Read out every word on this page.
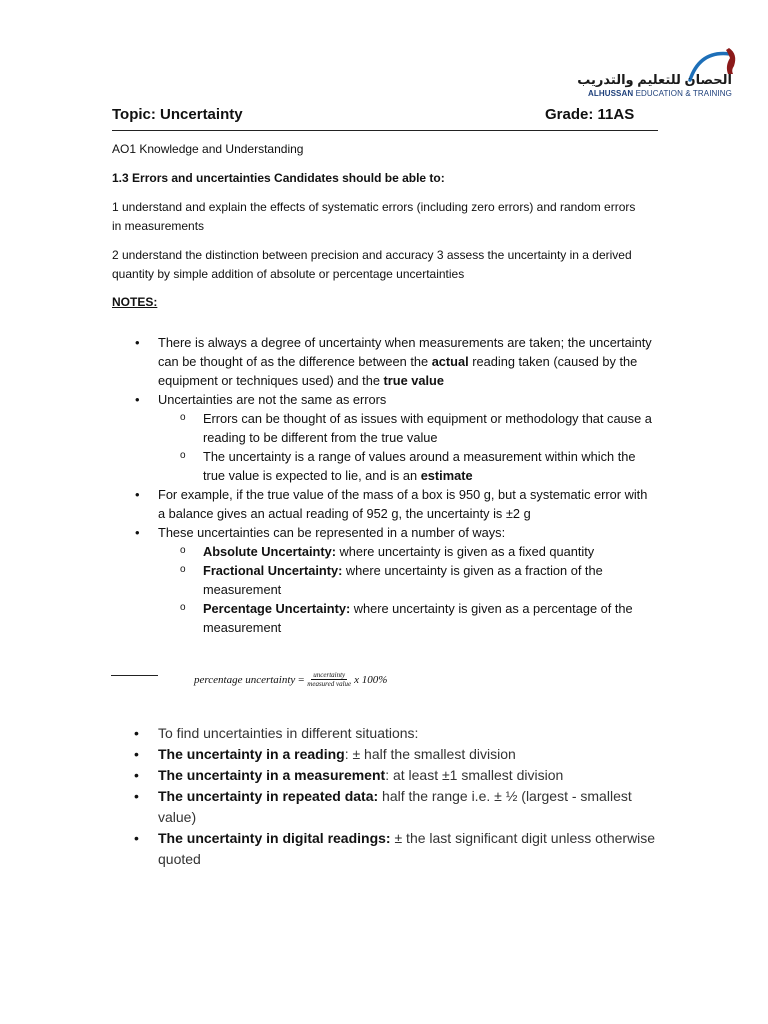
الحصان للتعليم والتدريب
ALHUSSAN EDUCATION & TRAINING
Topic: Uncertainty	Grade: 11AS
AO1 Knowledge and Understanding
1.3 Errors and uncertainties Candidates should be able to:
1 understand and explain the effects of systematic errors (including zero errors) and random errors in measurements
2 understand the distinction between precision and accuracy 3 assess the uncertainty in a derived quantity by simple addition of absolute or percentage uncertainties
NOTES:
• There is always a degree of uncertainty when measurements are taken; the uncertainty can be thought of as the difference between the actual reading taken (caused by the equipment or techniques used) and the true value
• Uncertainties are not the same as errors
o Errors can be thought of as issues with equipment or methodology that cause a reading to be different from the true value
o The uncertainty is a range of values around a measurement within which the true value is expected to lie, and is an estimate
• For example, if the true value of the mass of a box is 950 g, but a systematic error with a balance gives an actual reading of 952 g, the uncertainty is ±2 g
• These uncertainties can be represented in a number of ways:
o Absolute Uncertainty: where uncertainty is given as a fixed quantity
o Fractional Uncertainty: where uncertainty is given as a fraction of the measurement
o Percentage Uncertainty: where uncertainty is given as a percentage of the measurement
percentage uncertainty
= $\frac{\text{uncertainty}}{\text{measured value}}$ x 100%
• To find uncertainties in different situations:
• The uncertainty in a reading: ± half the smallest division
• The uncertainty in a measurement: at least ±1 smallest division
• The uncertainty in repeated data: half the range i.e. ± ½ (largest - smallest value)
• The uncertainty in digital readings: ± the last significant digit unless otherwise quoted
